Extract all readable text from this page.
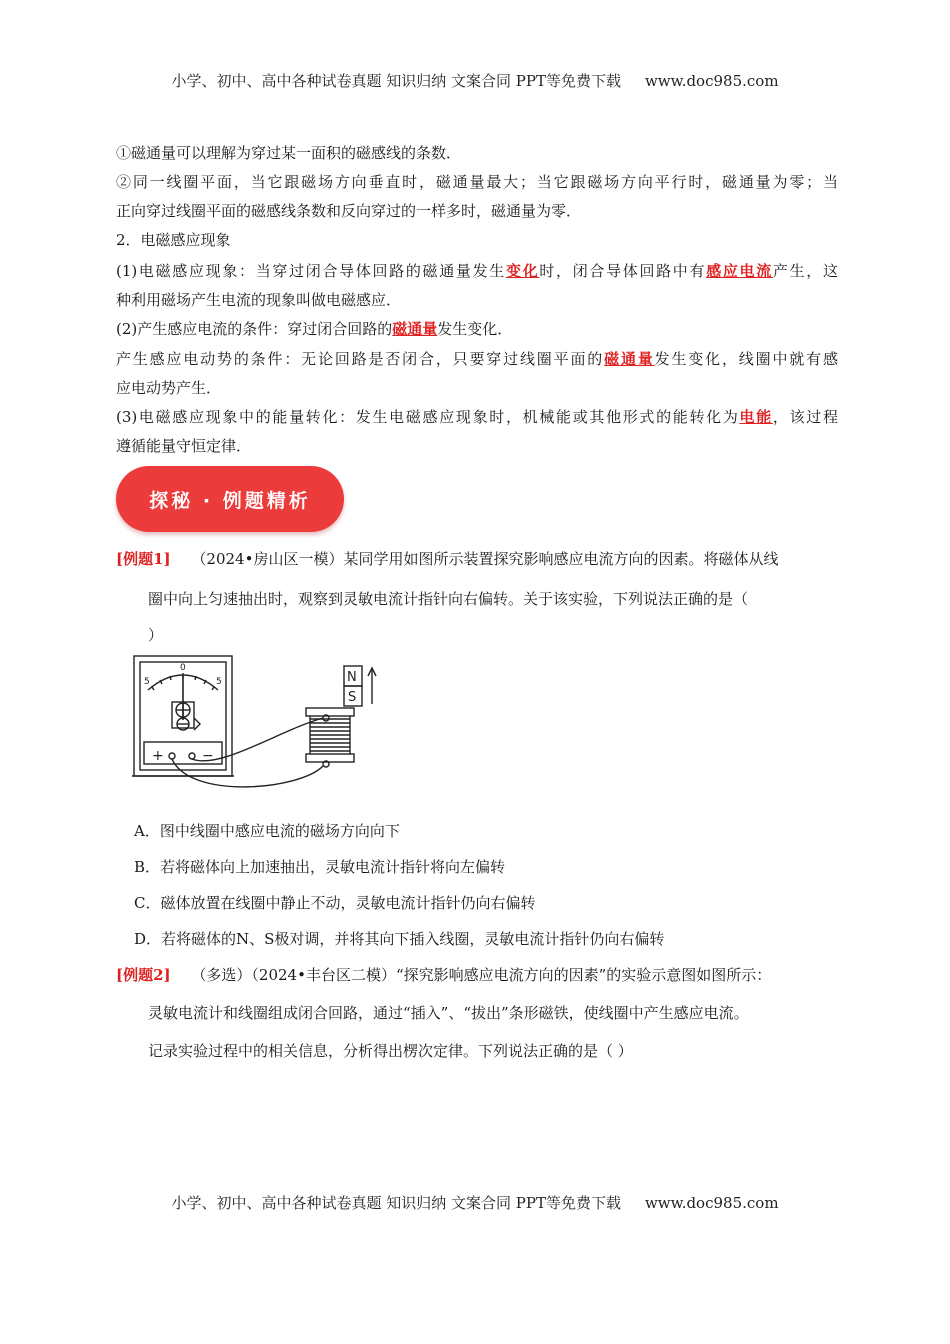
小学、初中、高中各种试卷真题 知识归纳 文案合同 PPT等免费下载 www.doc985.com
①磁通量可以理解为穿过某一面积的磁感线的条数．
②同一线圈平面，当它跟磁场方向垂直时，磁通量最大；当它跟磁场方向平行时，磁通量为零；当
正向穿过线圈平面的磁感线条数和反向穿过的一样多时，磁通量为零．
2．电磁感应现象
(1)电磁感应现象：当穿过闭合导体回路的磁通量发生变化时，闭合导体回路中有感应电流产生，这
种利用磁场产生电流的现象叫做电磁感应．
(2)产生感应电流的条件：穿过闭合回路的磁通量发生变化．
产生感应电动势的条件：无论回路是否闭合，只要穿过线圈平面的磁通量发生变化，线圈中就有感
应电动势产生．
(3)电磁感应现象中的能量转化：发生电磁感应现象时，机械能或其他形式的能转化为电能，该过程
遵循能量守恒定律．
探秘 · 例题精析
[例题1] （2024•房山区一模）某同学用如图所示装置探究影响感应电流方向的因素。将磁体从线
圈中向上匀速抽出时，观察到灵敏电流计指针向右偏转。关于该实验，下列说法正确的是（
）
5
0
5
+	−
N
S
A．图中线圈中感应电流的磁场方向向下
B．若将磁体向上加速抽出，灵敏电流计指针将向左偏转
C．磁体放置在线圈中静止不动，灵敏电流计指针仍向右偏转
D．若将磁体的N、S极对调，并将其向下插入线圈，灵敏电流计指针仍向右偏转
[例题2] （多选）（2024•丰台区二模）“探究影响感应电流方向的因素”的实验示意图如图所示：
灵敏电流计和线圈组成闭合回路，通过“插入”、“拔出”条形磁铁，使线圈中产生感应电流。
记录实验过程中的相关信息，分析得出楞次定律。下列说法正确的是（ ）
小学、初中、高中各种试卷真题 知识归纳 文案合同 PPT等免费下载 www.doc985.com
